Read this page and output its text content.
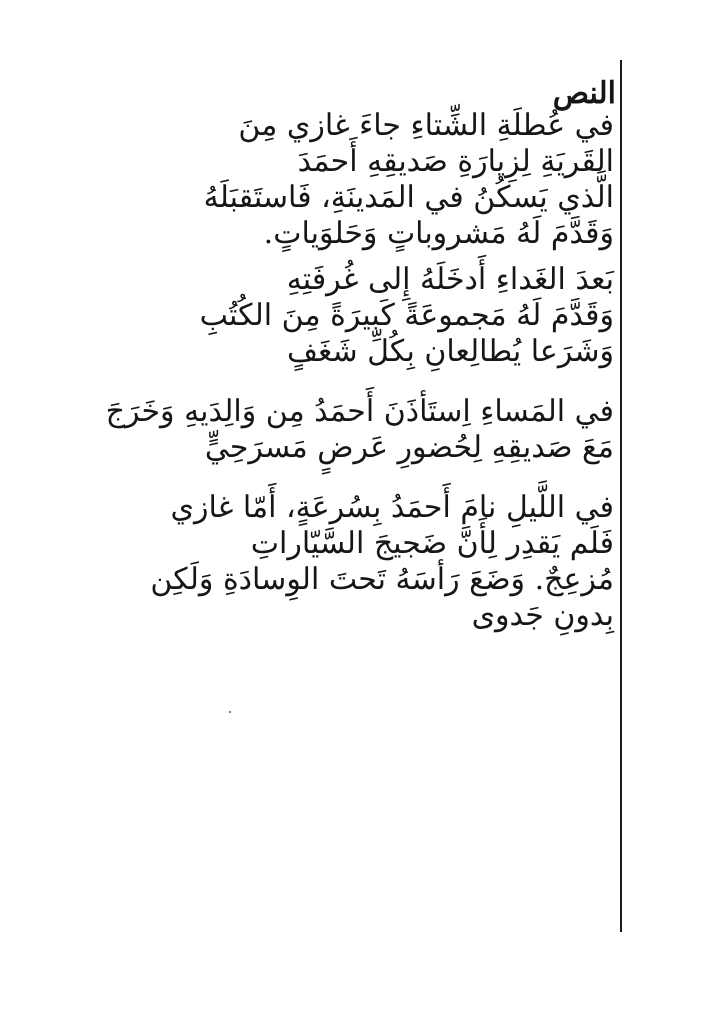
النص
في عُطلَةِ الشِّتاءِ جاءَ غازي مِنَ
القَريَةِ لِزِيارَةِ صَديقِهِ أَحمَدَ
الَّذي يَسكُنُ في المَدينَةِ، فَاستَقبَلَهُ
وَقَدَّمَ لَهُ مَشروباتٍ وَحَلوَياتٍ.
بَعدَ الغَداءِ أَدخَلَهُ إِلى غُرفَتِهِ
وَقَدَّمَ لَهُ مَجموعَةً كَبيرَةً مِنَ الكُتُبِ
وَشَرَعا يُطالِعانِ بِكُلِّ شَغَفٍ
في المَساءِ اِستَأذَنَ أَحمَدُ مِن وَالِدَيهِ وَخَرَجَ
مَعَ صَديقِهِ لِحُضورِ عَرضٍ مَسرَحِيٍّ
في اللَّيلِ نامَ أَحمَدُ بِسُرعَةٍ، أَمّا غازي
فَلَم يَقدِر لِأَنَّ ضَجيجَ السَّيّاراتِ
مُزعِجٌ. وَضَعَ رَأسَهُ تَحتَ الوِسادَةِ وَلَكِن
بِدونِ جَدوى
